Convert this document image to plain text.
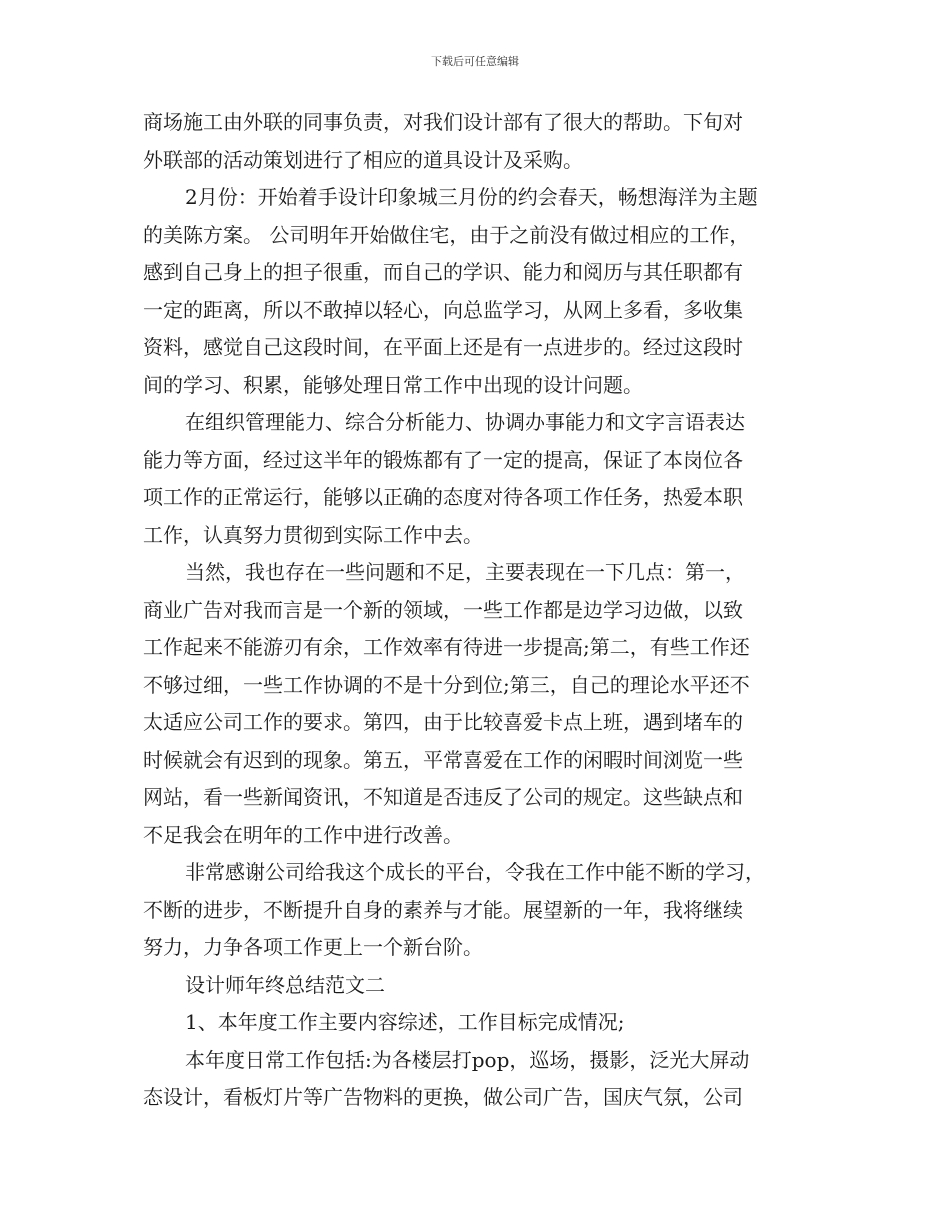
下载后可任意编辑
商场施工由外联的同事负责，对我们设计部有了很大的帮助。下旬对
外联部的活动策划进行了相应的道具设计及采购。
2月份：开始着手设计印象城三月份的约会春天，畅想海洋为主题
的美陈方案。 公司明年开始做住宅，由于之前没有做过相应的工作，
感到自己身上的担子很重，而自己的学识、能力和阅历与其任职都有
一定的距离，所以不敢掉以轻心，向总监学习，从网上多看，多收集
资料，感觉自己这段时间，在平面上还是有一点进步的。经过这段时
间的学习、积累，能够处理日常工作中出现的设计问题。
在组织管理能力、综合分析能力、协调办事能力和文字言语表达
能力等方面，经过这半年的锻炼都有了一定的提高，保证了本岗位各
项工作的正常运行，能够以正确的态度对待各项工作任务，热爱本职
工作，认真努力贯彻到实际工作中去。
当然，我也存在一些问题和不足，主要表现在一下几点：第一，
商业广告对我而言是一个新的领域，一些工作都是边学习边做，以致
工作起来不能游刃有余，工作效率有待进一步提高;第二，有些工作还
不够过细，一些工作协调的不是十分到位;第三，自己的理论水平还不
太适应公司工作的要求。第四，由于比较喜爱卡点上班，遇到堵车的
时候就会有迟到的现象。第五，平常喜爱在工作的闲暇时间浏览一些
网站，看一些新闻资讯，不知道是否违反了公司的规定。这些缺点和
不足我会在明年的工作中进行改善。
非常感谢公司给我这个成长的平台，令我在工作中能不断的学习，
不断的进步，不断提升自身的素养与才能。展望新的一年，我将继续
努力，力争各项工作更上一个新台阶。
设计师年终总结范文二
1、本年度工作主要内容综述，工作目标完成情况;
本年度日常工作包括:为各楼层打pop，巡场，摄影，泛光大屏动
态设计，看板灯片等广告物料的更换，做公司广告，国庆气氛，公司
